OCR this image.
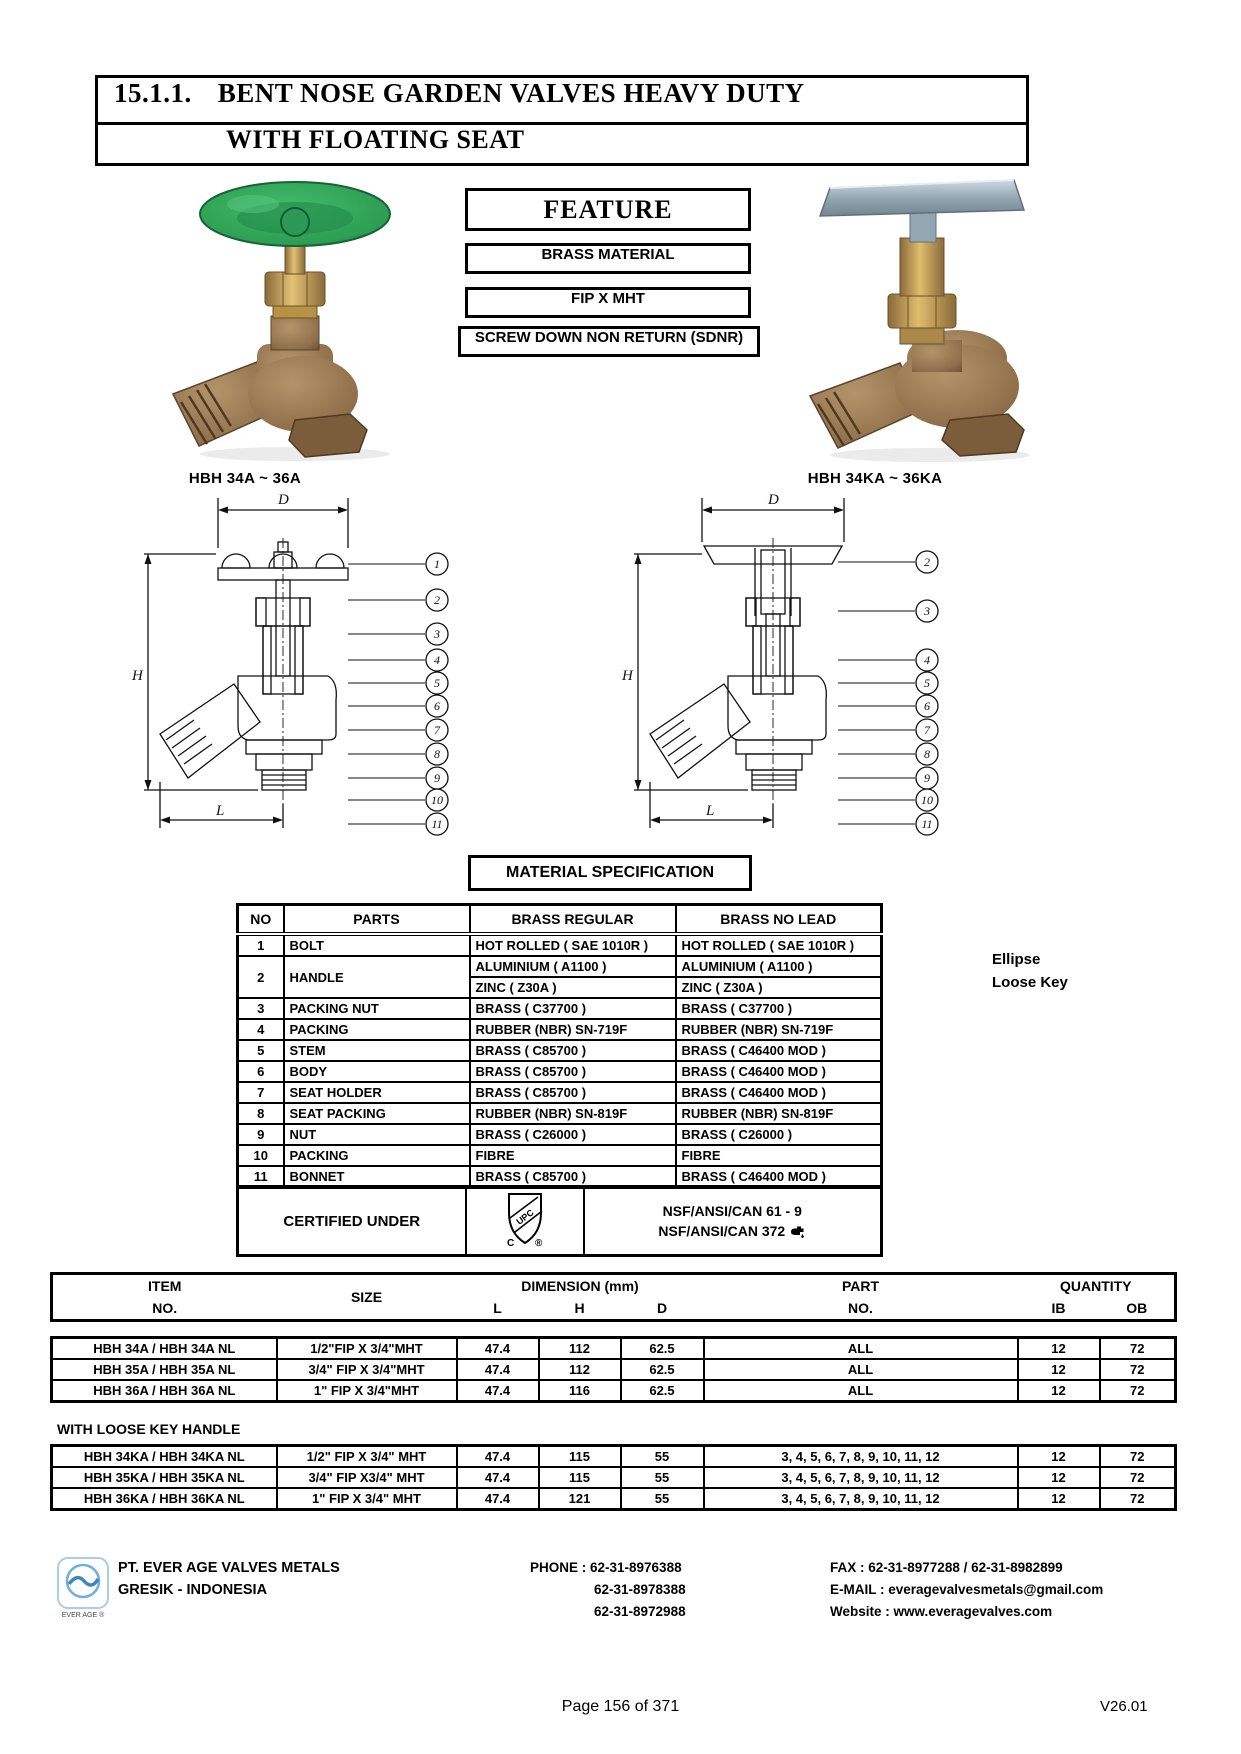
15.1.1. BENT NOSE GARDEN VALVES HEAVY DUTY
WITH FLOATING SEAT
FEATURE
BRASS MATERIAL
FIP X MHT
SCREW DOWN NON RETURN (SDNR)
HBH 34A ~ 36A	HBH 34KA ~ 36KA
D
H
L
1
2
3
4
5
6
7
8
9
10
11
D
H
L
2
3
4
5
6
7
8
9
10
11
MATERIAL SPECIFICATION
NO	PARTS	BRASS REGULAR	BRASS NO LEAD
1	BOLT	HOT ROLLED ( SAE 1010R )	HOT ROLLED ( SAE 1010R )
2	HANDLE	ALUMINIUM ( A1100 )	ALUMINIUM ( A1100 )
		ZINC ( Z30A )	ZINC ( Z30A )
3	PACKING NUT	BRASS ( C37700 )	BRASS ( C37700 )
4	PACKING	RUBBER (NBR) SN-719F	RUBBER (NBR) SN-719F
5	STEM	BRASS ( C85700 )	BRASS ( C46400 MOD )
6	BODY	BRASS ( C85700 )	BRASS ( C46400 MOD )
7	SEAT HOLDER	BRASS ( C85700 )	BRASS ( C46400 MOD )
8	SEAT PACKING	RUBBER (NBR) SN-819F	RUBBER (NBR) SN-819F
9	NUT	BRASS ( C26000 )	BRASS ( C26000 )
10	PACKING	FIBRE	FIBRE
11	BONNET	BRASS ( C85700 )	BRASS ( C46400 MOD )
Ellipse
Loose Key
CERTIFIED UNDER	UPC
C ®

NSF/ANSI/CAN 61 - 9
NSF/ANSI/CAN 372
ITEM	SIZE	DIMENSION (mm)			PART	QUANTITY	
NO.		L	H	D	NO.	IB	OB
HBH 34A / HBH 34A NL	1/2"FIP X 3/4"MHT	47.4	112	62.5	ALL	12	72
HBH 35A / HBH 35A NL	3/4" FIP X 3/4"MHT	47.4	112	62.5	ALL	12	72
HBH 36A / HBH 36A NL	1" FIP X 3/4"MHT	47.4	116	62.5	ALL	12	72
WITH LOOSE KEY HANDLE
HBH 34KA / HBH 34KA NL	1/2" FIP X 3/4" MHT	47.4	115	55	3, 4, 5, 6, 7, 8, 9, 10, 11, 12	12	72
HBH 35KA / HBH 35KA NL	3/4" FIP X3/4" MHT	47.4	115	55	3, 4, 5, 6, 7, 8, 9, 10, 11, 12	12	72
HBH 36KA / HBH 36KA NL	1" FIP X 3/4" MHT	47.4	121	55	3, 4, 5, 6, 7, 8, 9, 10, 11, 12	12	72
EVER AGE ®
PT. EVER AGE VALVES METALS
GRESIK - INDONESIA
PHONE : 62-31-8976388
62-31-8978388
62-31-8972988
FAX : 62-31-8977288 / 62-31-8982899
E-MAIL : everagevalvesmetals@gmail.com
Website : www.everagevalves.com
Page 156 of 371	V26.01
